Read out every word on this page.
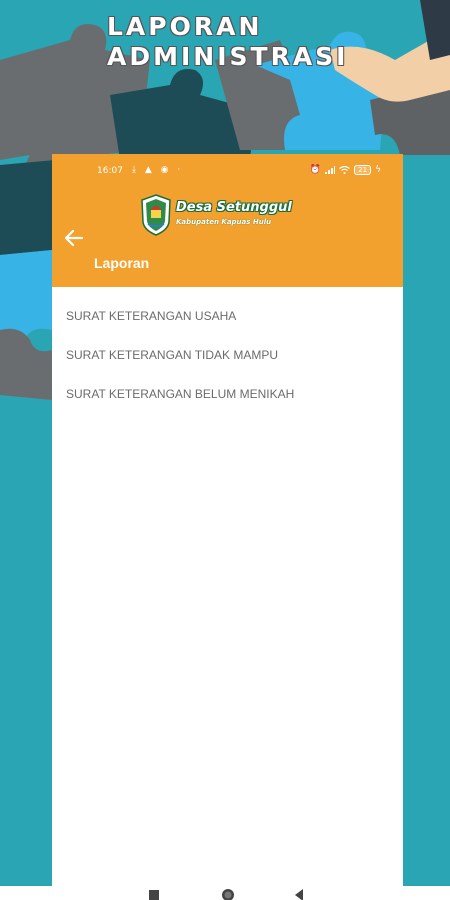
LAPORAN
ADMINISTRASI
16:07 ⤓ ▲ ◉ ·	⏰	21 ϟ
Desa Setunggul
Kabupaten Kapuas Hulu
Laporan
SURAT KETERANGAN USAHA
SURAT KETERANGAN TIDAK MAMPU
SURAT KETERANGAN BELUM MENIKAH
